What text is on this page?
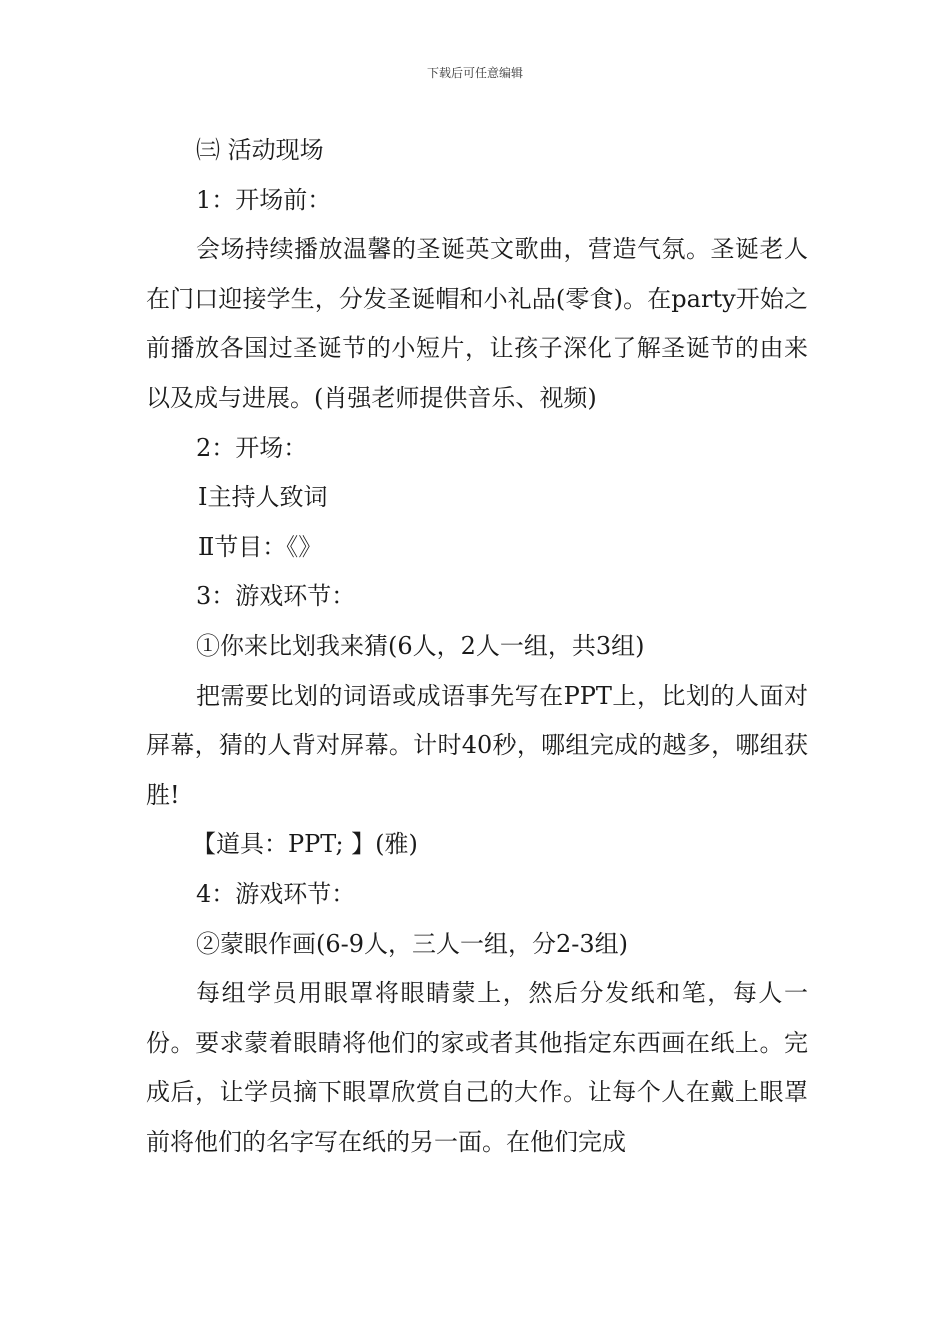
下载后可任意编辑

㈢ 活动现场

1：开场前：

会场持续播放温馨的圣诞英文歌曲，营造气氛。圣诞老人在门口迎接学生，分发圣诞帽和小礼品(零食)。在party开始之前播放各国过圣诞节的小短片，让孩子深化了解圣诞节的由来以及成与进展。(肖强老师提供音乐、视频)

2：开场：

Ⅰ主持人致词

Ⅱ节目：《》

3：游戏环节：

①你来比划我来猜(6人，2人一组，共3组)

把需要比划的词语或成语事先写在PPT上，比划的人面对屏幕，猜的人背对屏幕。计时40秒，哪组完成的越多，哪组获胜!

【道具：PPT; 】(雅)

4：游戏环节：

②蒙眼作画(6-9人，三人一组，分2-3组)

每组学员用眼罩将眼睛蒙上，然后分发纸和笔，每人一份。要求蒙着眼睛将他们的家或者其他指定东西画在纸上。完成后，让学员摘下眼罩欣赏自己的大作。让每个人在戴上眼罩前将他们的名字写在纸的另一面。在他们完成
